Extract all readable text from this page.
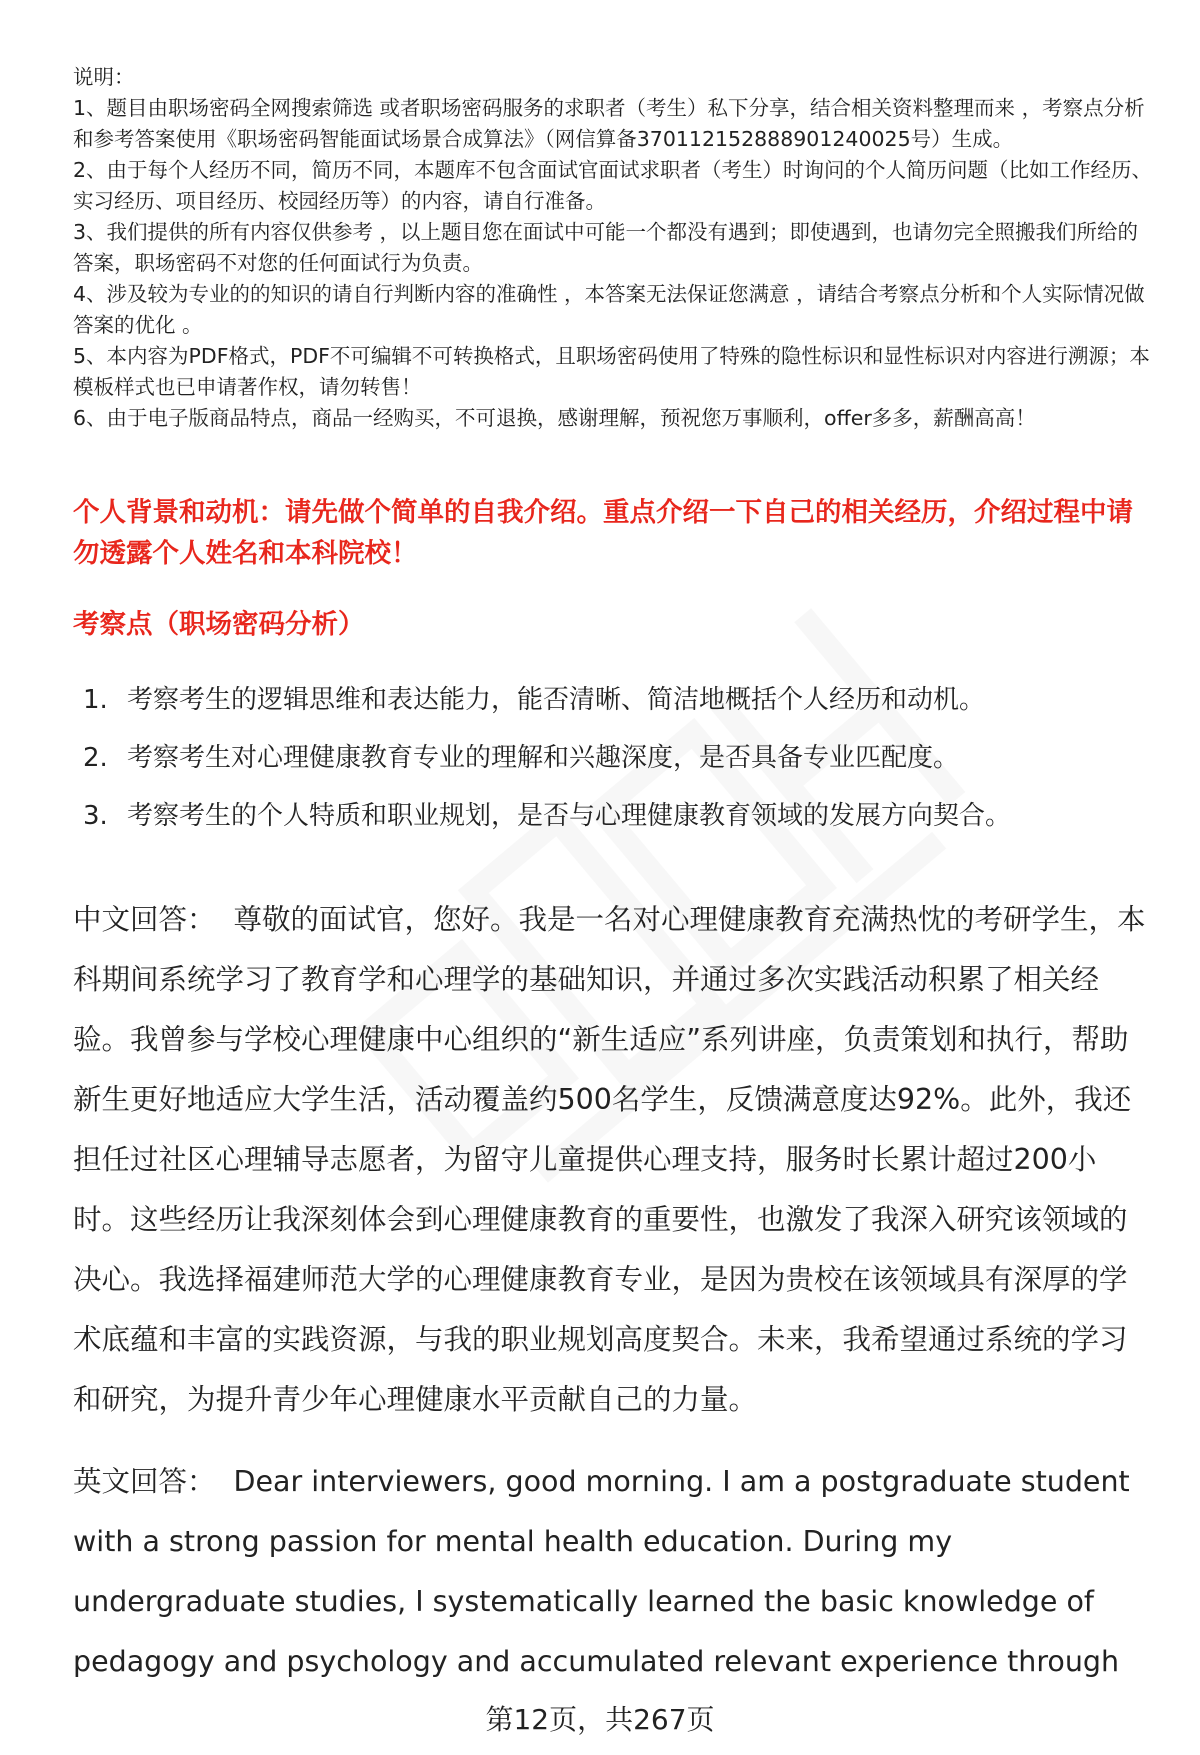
说明：

1、题目由职场密码全网搜索筛选 或者职场密码服务的求职者（考生）私下分享，结合相关资料整理而来 ，考察点分析和参考答案使用《职场密码智能面试场景合成算法》（网信算备370112152888901240025号）生成。

2、由于每个人经历不同，简历不同，本题库不包含面试官面试求职者（考生）时询问的个人简历问题（比如工作经历、实习经历、项目经历、校园经历等）的内容，请自行准备。

3、我们提供的所有内容仅供参考 ，以上题目您在面试中可能一个都没有遇到；即使遇到，也请勿完全照搬我们所给的答案，职场密码不对您的任何面试行为负责。

4、涉及较为专业的的知识的请自行判断内容的准确性 ，本答案无法保证您满意 ，请结合考察点分析和个人实际情况做答案的优化 。

5、本内容为PDF格式，PDF不可编辑不可转换格式，且职场密码使用了特殊的隐性标识和显性标识对内容进行溯源；本模板样式也已申请著作权，请勿转售！

6、由于电子版商品特点，商品一经购买，不可退换，感谢理解，预祝您万事顺利，offer多多，薪酬高高！

个人背景和动机：请先做个简单的自我介绍。重点介绍一下自己的相关经历，介绍过程中请勿透露个人姓名和本科院校！
考察点（职场密码分析）
1. 考察考生的逻辑思维和表达能力，能否清晰、简洁地概括个人经历和动机。
2. 考察考生对心理健康教育专业的理解和兴趣深度，是否具备专业匹配度。
3. 考察考生的个人特质和职业规划，是否与心理健康教育领域的发展方向契合。

中文回答： 尊敬的面试官，您好。我是一名对心理健康教育充满热忱的考研学生，本科期间系统学习了教育学和心理学的基础知识，并通过多次实践活动积累了相关经验。我曾参与学校心理健康中心组织的“新生适应”系列讲座，负责策划和执行，帮助新生更好地适应大学生活，活动覆盖约500名学生，反馈满意度达92%。此外，我还担任过社区心理辅导志愿者，为留守儿童提供心理支持，服务时长累计超过200小时。这些经历让我深刻体会到心理健康教育的重要性，也激发了我深入研究该领域的决心。我选择福建师范大学的心理健康教育专业，是因为贵校在该领域具有深厚的学术底蕴和丰富的实践资源，与我的职业规划高度契合。未来，我希望通过系统的学习和研究，为提升青少年心理健康水平贡献自己的力量。

英文回答： Dear interviewers, good morning. I am a postgraduate student with a strong passion for mental health education. During my undergraduate studies, I systematically learned the basic knowledge of pedagogy and psychology and accumulated relevant experience through

第12页，共267页
